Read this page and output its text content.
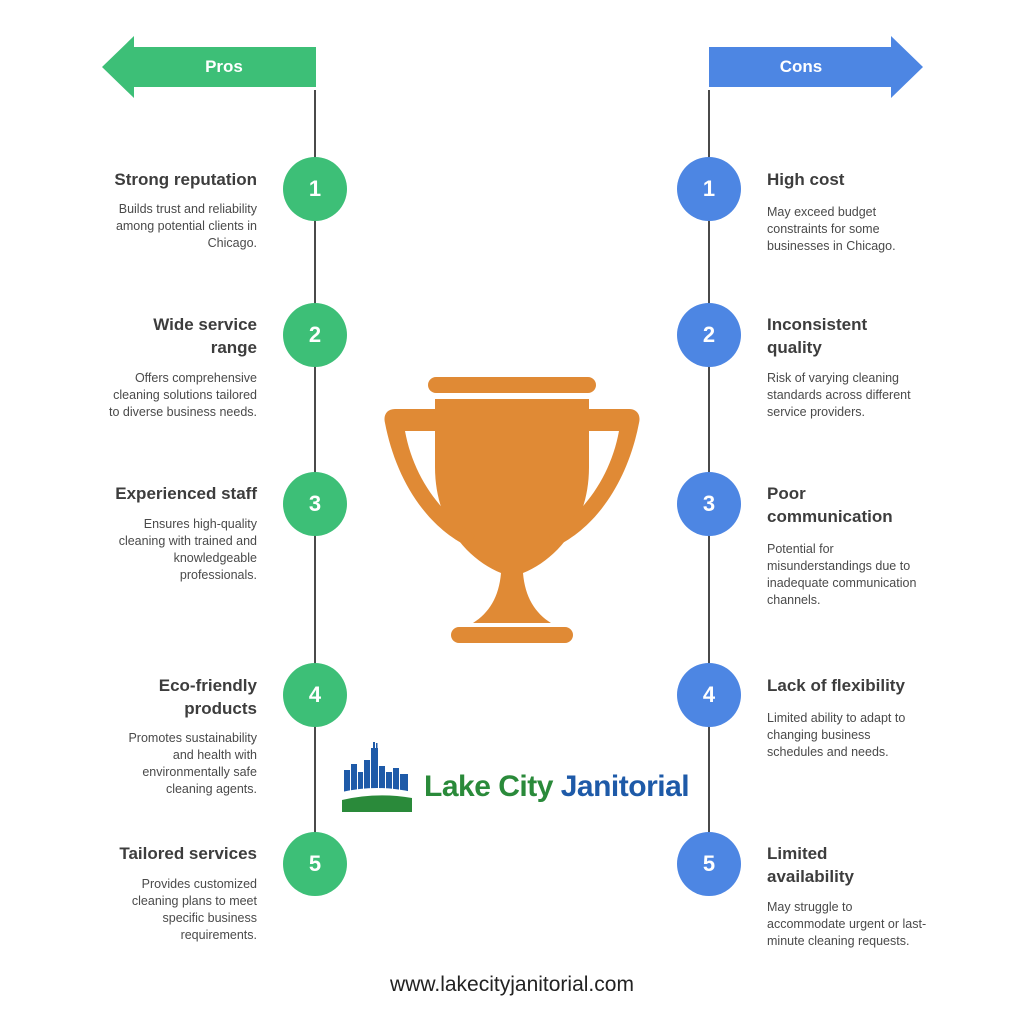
Pros	Cons
1
Strong reputation
Builds trust and reliability among potential clients in Chicago.
2
Wide service range
Offers comprehensive cleaning solutions tailored to diverse business needs.
3
Experienced staff
Ensures high-quality cleaning with trained and knowledgeable professionals.
4
Eco-friendly products
Promotes sustainability and health with environmentally safe cleaning agents.
5
Tailored services
Provides customized cleaning plans to meet specific business requirements.
1	High cost
May exceed budget constraints for some businesses in Chicago.
2	Inconsistent quality
Risk of varying cleaning standards across different service providers.
3	Poor communication
Potential for misunderstandings due to inadequate communication channels.
4	Lack of flexibility
Limited ability to adapt to changing business schedules and needs.
5	Limited availability
May struggle to accommodate urgent or last-minute cleaning requests.
Lake City Janitorial
www.lakecityjanitorial.com
